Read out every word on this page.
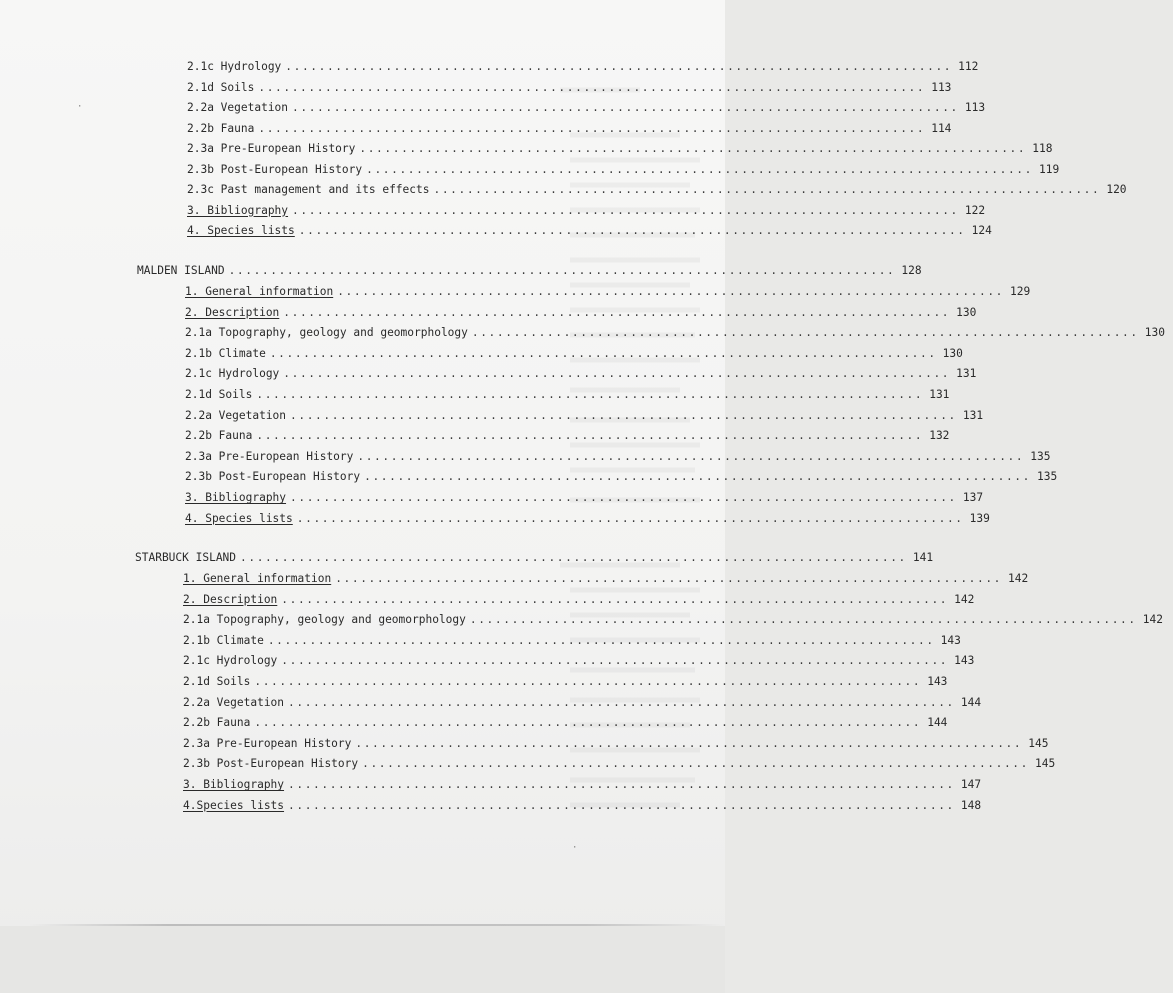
·
·
2.1c Hydrology ................................................................................ 112
2.1d Soils ................................................................................ 113
2.2a Vegetation ................................................................................ 113
2.2b Fauna ................................................................................ 114
2.3a Pre-European History ................................................................................ 118
2.3b Post-European History ................................................................................ 119
2.3c Past management and its effects ................................................................................ 120
3. Bibliography ................................................................................ 122
4. Species lists ................................................................................ 124
MALDEN ISLAND ................................................................................ 128
1. General information ................................................................................ 129
2. Description ................................................................................ 130
2.1a Topography, geology and geomorphology ................................................................................ 130
2.1b Climate ................................................................................ 130
2.1c Hydrology ................................................................................ 131
2.1d Soils ................................................................................ 131
2.2a Vegetation ................................................................................ 131
2.2b Fauna ................................................................................ 132
2.3a Pre-European History ................................................................................ 135
2.3b Post-European History ................................................................................ 135
3. Bibliography ................................................................................ 137
4. Species lists ................................................................................ 139
STARBUCK ISLAND ................................................................................ 141
1. General information ................................................................................ 142
2. Description ................................................................................ 142
2.1a Topography, geology and geomorphology ................................................................................ 142
2.1b Climate ................................................................................ 143
2.1c Hydrology ................................................................................ 143
2.1d Soils ................................................................................ 143
2.2a Vegetation ................................................................................ 144
2.2b Fauna ................................................................................ 144
2.3a Pre-European History ................................................................................ 145
2.3b Post-European History ................................................................................ 145
3. Bibliography ................................................................................ 147
4.Species lists ................................................................................ 148
